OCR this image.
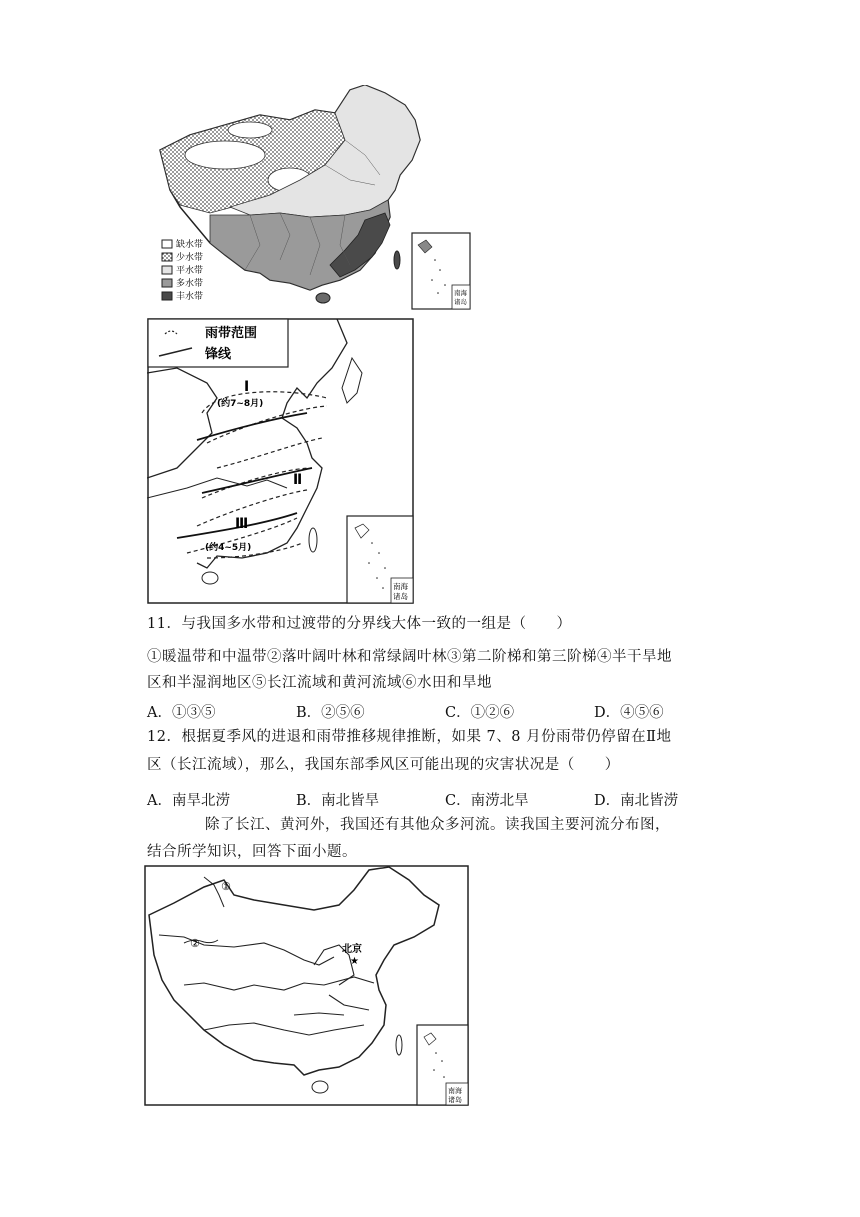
缺水带
少水带
平水带
多水带
丰水带	南海
诸岛
雨带范围
锋线
Ⅰ
(约7~8月)
Ⅱ
Ⅲ
(约4~5月)
南海
诸岛
11．与我国多水带和过渡带的分界线大体一致的一组是（　　）
①暖温带和中温带②落叶阔叶林和常绿阔叶林③第二阶梯和第三阶梯④半干旱地
区和半湿润地区⑤长江流域和黄河流域⑥水田和旱地
A．①③⑤	B．②⑤⑥	C．①②⑥	D．④⑤⑥
12．根据夏季风的进退和雨带推移规律推断，如果 7、8 月份雨带仍停留在Ⅱ地
区（长江流域），那么，我国东部季风区可能出现的灾害状况是（　　）
A．南旱北涝	B．南北皆旱	C．南涝北旱	D．南北皆涝
除了长江、黄河外，我国还有其他众多河流。读我国主要河流分布图，
结合所学知识，回答下面小题。
①
②	北京
★
南海
诸岛
